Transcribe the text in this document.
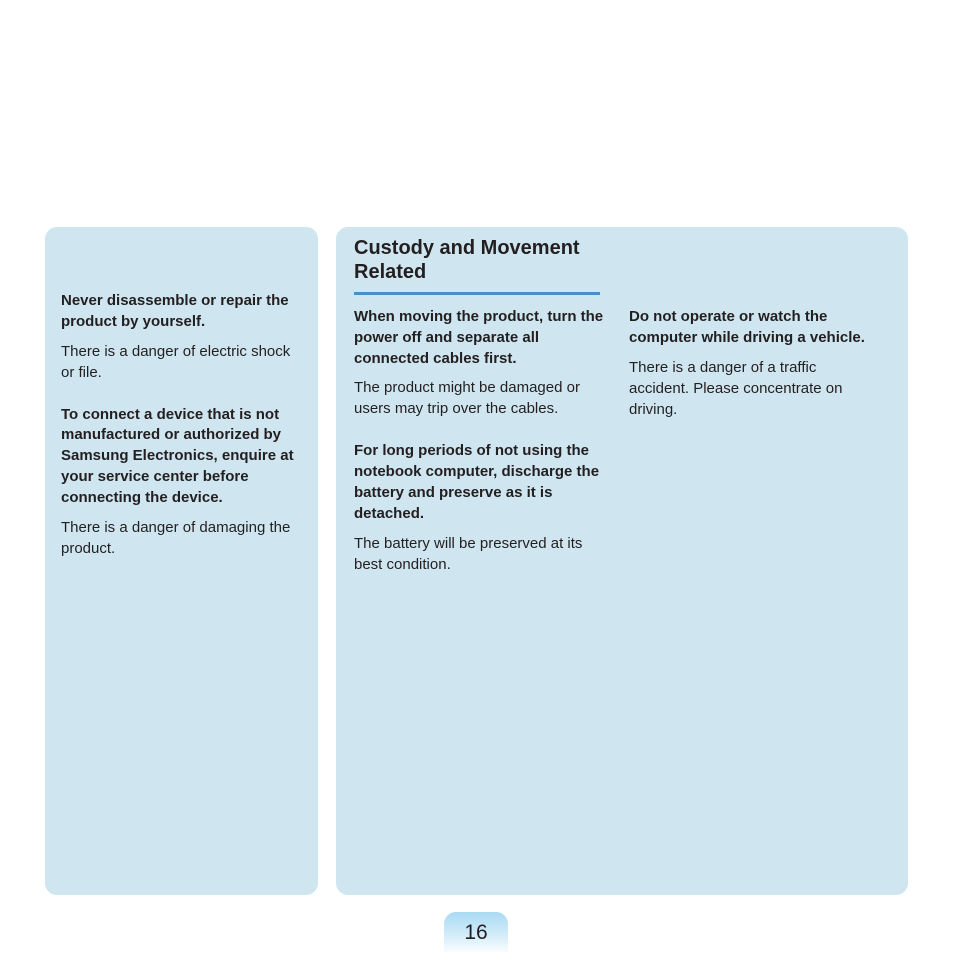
Never disassemble or repair the product by yourself.

There is a danger of electric shock or file.

To connect a device that is not manufactured or authorized by Samsung Electronics, enquire at your service center before connecting the device.

There is a danger of damaging the product.

Custody and Movement Related

When moving the product, turn the power off and separate all connected cables first.

The product might be damaged or users may trip over the cables.

For long periods of not using the notebook computer, discharge the battery and preserve as it is detached.

The battery will be preserved at its best condition.

Do not operate or watch the computer while driving a vehicle.

There is a danger of a traffic accident. Please concentrate on driving.

16
